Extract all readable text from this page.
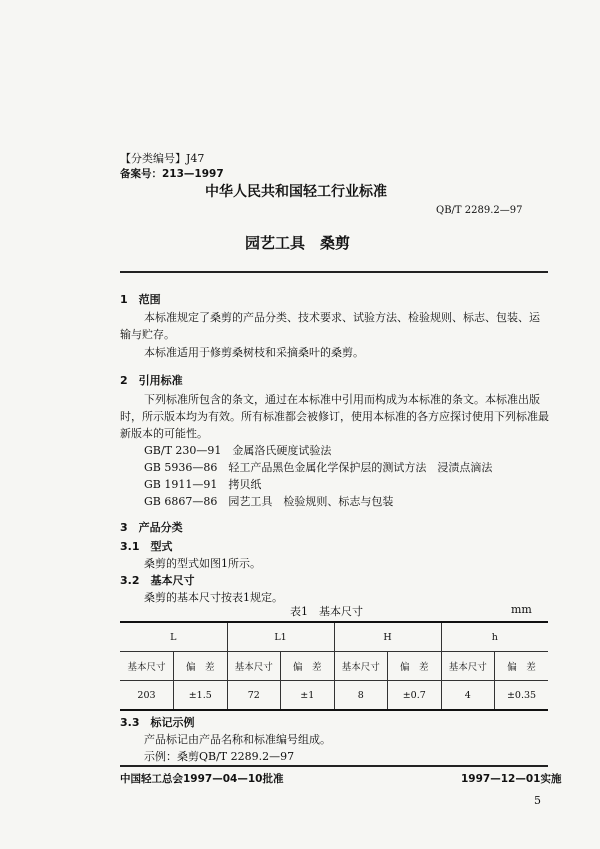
【分类编号】J47
备案号：213—1997
中华人民共和国轻工行业标准
QB/T 2289.2—97
园艺工具　桑剪
1　范围
本标准规定了桑剪的产品分类、技术要求、试验方法、检验规则、标志、包装、运输与贮存。
本标准适用于修剪桑树枝和采摘桑叶的桑剪。
2　引用标准
下列标准所包含的条文，通过在本标准中引用而构成为本标准的条文。本标准出版时，所示版本均为有效。所有标准都会被修订，使用本标准的各方应探讨使用下列标准最新版本的可能性。
GB/T 230—91　金属洛氏硬度试验法
GB 5936—86　轻工产品黑色金属化学保护层的测试方法　浸渍点滴法
GB 1911—91　拷贝纸
GB 6867—86　园艺工具　检验规则、标志与包装
3　产品分类
3.1　型式
桑剪的型式如图1所示。
3.2　基本尺寸
桑剪的基本尺寸按表1规定。
表1　基本尺寸	mm
L		L1		H		h	
基本尺寸	偏　差	基本尺寸	偏　差	基本尺寸	偏　差	基本尺寸	偏　差
203	±1.5	72	±1	8	±0.7	4	±0.35
3.3　标记示例
产品标记由产品名称和标准编号组成。
示例：桑剪QB/T 2289.2—97
中国轻工总会1997—04—10批准	1997—12—01实施
5
